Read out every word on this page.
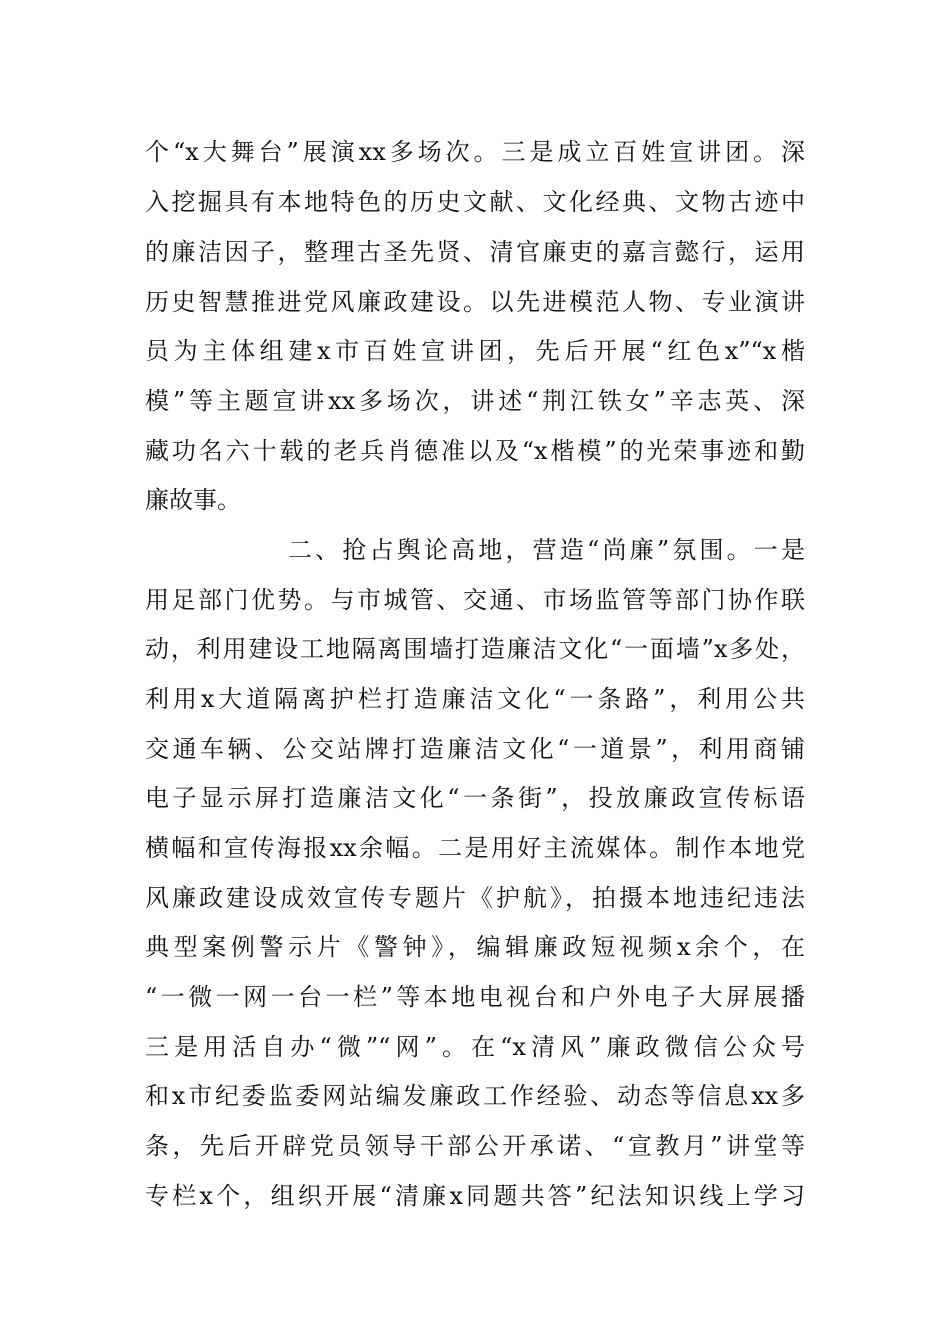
个“x大舞台”展演xx多场次。三是成立百姓宣讲团。深
入挖掘具有本地特色的历史文献、文化经典、文物古迹中
的廉洁因子，整理古圣先贤、清官廉吏的嘉言懿行，运用
历史智慧推进党风廉政建设。以先进模范人物、专业演讲
员为主体组建x市百姓宣讲团，先后开展“红色x”“x楷
模”等主题宣讲xx多场次，讲述“荆江铁女”辛志英、深
藏功名六十载的老兵肖德准以及“x楷模”的光荣事迹和勤
廉故事。
二、抢占舆论高地，营造“尚廉”氛围。一是
用足部门优势。与市城管、交通、市场监管等部门协作联
动，利用建设工地隔离围墙打造廉洁文化“一面墙”x多处，
利用x大道隔离护栏打造廉洁文化“一条路”，利用公共
交通车辆、公交站牌打造廉洁文化“一道景”，利用商铺
电子显示屏打造廉洁文化“一条街”，投放廉政宣传标语
横幅和宣传海报xx余幅。二是用好主流媒体。制作本地党
风廉政建设成效宣传专题片《护航》，拍摄本地违纪违法
典型案例警示片《警钟》，编辑廉政短视频x余个，在
“一微一网一台一栏”等本地电视台和户外电子大屏展播
三是用活自办“微”“网”。在“x清风”廉政微信公众号
和x市纪委监委网站编发廉政工作经验、动态等信息xx多
条，先后开辟党员领导干部公开承诺、“宣教月”讲堂等
专栏x个，组织开展“清廉x同题共答”纪法知识线上学习
